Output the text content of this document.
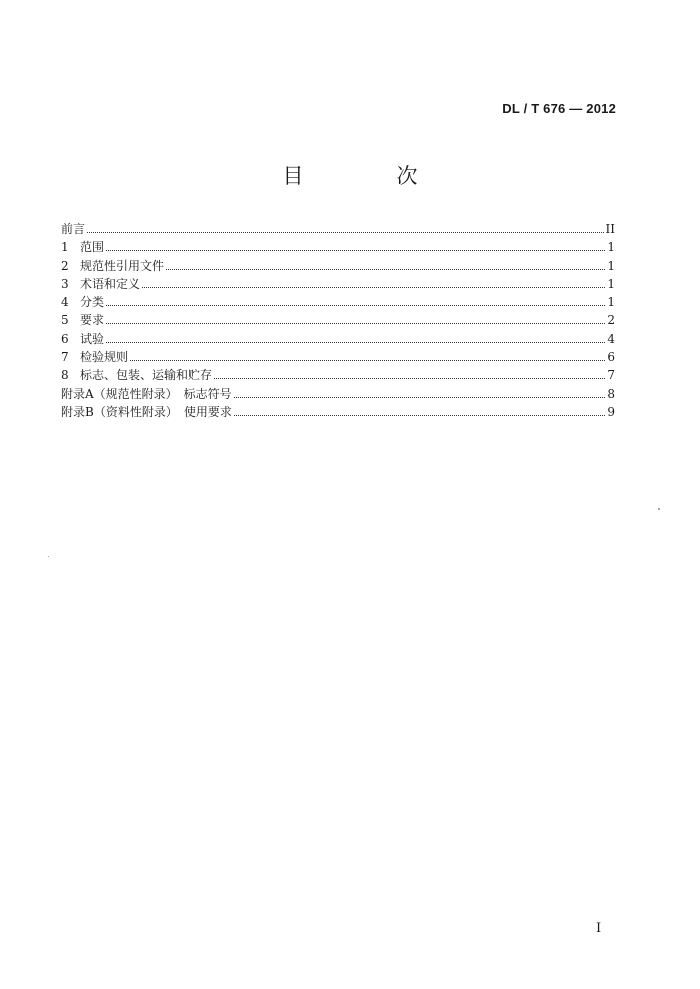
DL / T 676 — 2012
目　次
前言	II
1 范围	1
2 规范性引用文件	1
3 术语和定义	1
4 分类	1
5 要求	2
6 试验	4
7 检验规则	6
8 标志、包装、运输和贮存	7
附录A（规范性附录）　标志符号	8
附录B（资料性附录）　使用要求	9
I
